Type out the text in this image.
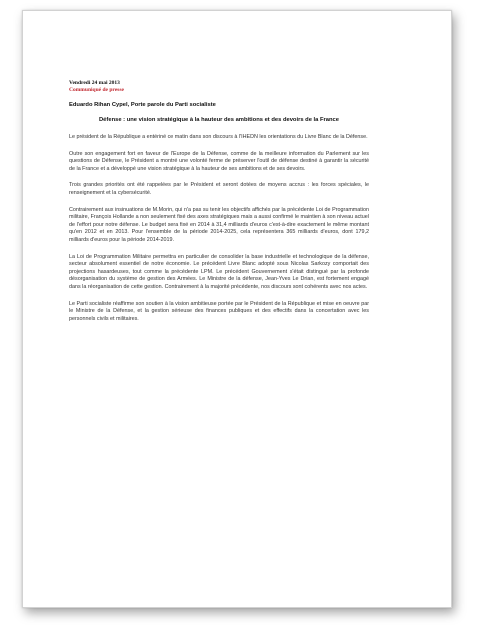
Vendredi 24 mai 2013
Communiqué de presse
Eduardo Rihan Cypel, Porte parole du Parti socialiste
Défense : une vision stratégique à la hauteur des ambitions et des devoirs de la France

Le président de la République a entériné ce matin dans son discours à l'IHEDN les orientations du Livre Blanc de la Défense.

Outre son engagement fort en faveur de l'Europe de la Défense, comme de la meilleure information du Parlement sur les questions de Défense, le Président a montré une volonté ferme de préserver l'outil de défense destiné à garantir la sécurité de la France et a développé une vision stratégique à la hauteur de ses ambitions et de ses devoirs.

Trois grandes priorités ont été rappelées par le Président et seront dotées de moyens accrus : les forces spéciales, le renseignement et la cybersécurité.

Contrairement aux insinuations de M.Morin, qui n'a pas su tenir les objectifs affichés par la précédente Loi de Programmation militaire, François Hollande a non seulement fixé des axes stratégiques mais a aussi confirmé le maintien à son niveau actuel de l'effort pour notre défense. Le budget sera fixé en 2014 à 31,4 milliards d'euros c'est-à-dire exactement le même montant qu'en 2012 et en 2013. Pour l'ensemble de la période 2014-2025, cela représentera 365 milliards d'euros, dont 179,2 milliards d'euros pour la période 2014-2019.

La Loi de Programmation Militaire permettra en particulier de consolider la base industrielle et technologique de la défense, secteur absolument essentiel de notre économie. Le précédent Livre Blanc adopté sous Nicolas Sarkozy comportait des projections hasardeuses, tout comme la précédente LPM. Le précédent Gouvernement s'était distingué par la profonde désorganisation du système de gestion des Armées. Le Ministre de la défense, Jean-Yves Le Drian, est fortement engagé dans la réorganisation de cette gestion. Contrairement à la majorité précédente, nos discours sont cohérents avec nos actes.

Le Parti socialiste réaffirme son soutien à la vision ambitieuse portée par le Président de la République et mise en oeuvre par le Ministre de la Défense, et la gestion sérieuse des finances publiques et des effectifs dans la concertation avec les personnels civils et militaires.
